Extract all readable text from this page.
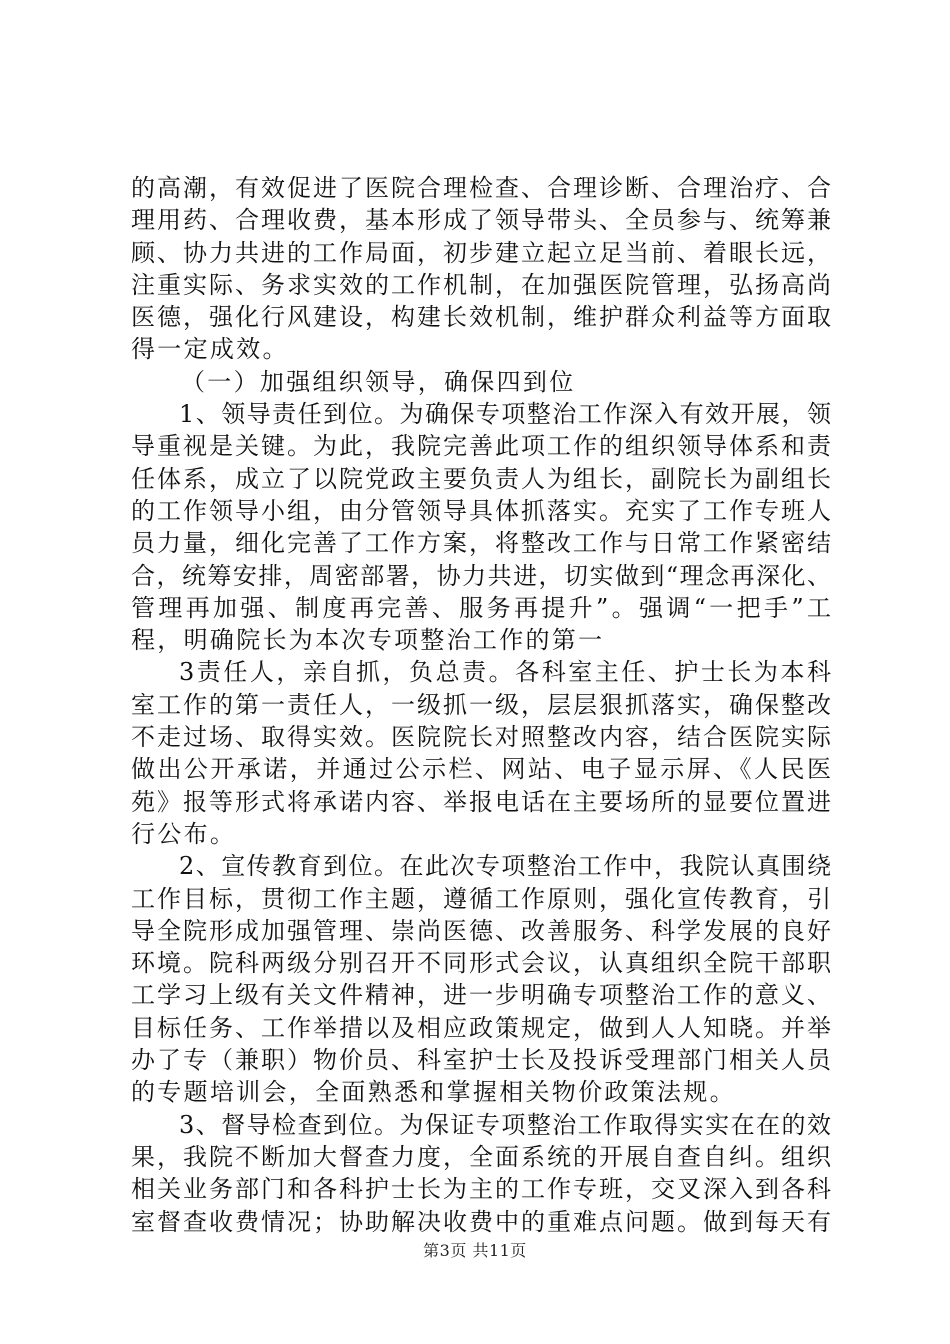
的高潮，有效促进了医院合理检查、合理诊断、合理治疗、合
理用药、合理收费，基本形成了领导带头、全员参与、统筹兼
顾、协力共进的工作局面，初步建立起立足当前、着眼长远，
注重实际、务求实效的工作机制，在加强医院管理，弘扬高尚
医德，强化行风建设，构建长效机制，维护群众利益等方面取
得一定成效。
（一）加强组织领导，确保四到位
1、领导责任到位。为确保专项整治工作深入有效开展，领
导重视是关键。为此，我院完善此项工作的组织领导体系和责
任体系，成立了以院党政主要负责人为组长，副院长为副组长
的工作领导小组，由分管领导具体抓落实。充实了工作专班人
员力量，细化完善了工作方案，将整改工作与日常工作紧密结
合，统筹安排，周密部署，协力共进，切实做到“理念再深化、
管理再加强、制度再完善、服务再提升”。强调“一把手”工
程，明确院长为本次专项整治工作的第一
3责任人，亲自抓，负总责。各科室主任、护士长为本科
室工作的第一责任人，一级抓一级，层层狠抓落实，确保整改
不走过场、取得实效。医院院长对照整改内容，结合医院实际
做出公开承诺，并通过公示栏、网站、电子显示屏、《人民医
苑》报等形式将承诺内容、举报电话在主要场所的显要位置进
行公布。
2、宣传教育到位。在此次专项整治工作中，我院认真围绕
工作目标，贯彻工作主题，遵循工作原则，强化宣传教育，引
导全院形成加强管理、崇尚医德、改善服务、科学发展的良好
环境。院科两级分别召开不同形式会议，认真组织全院干部职
工学习上级有关文件精神，进一步明确专项整治工作的意义、
目标任务、工作举措以及相应政策规定，做到人人知晓。并举
办了专（兼职）物价员、科室护士长及投诉受理部门相关人员
的专题培训会，全面熟悉和掌握相关物价政策法规。
3、督导检查到位。为保证专项整治工作取得实实在在的效
果，我院不断加大督查力度，全面系统的开展自查自纠。组织
相关业务部门和各科护士长为主的工作专班，交叉深入到各科
室督查收费情况；协助解决收费中的重难点问题。做到每天有
第3页 共11页
